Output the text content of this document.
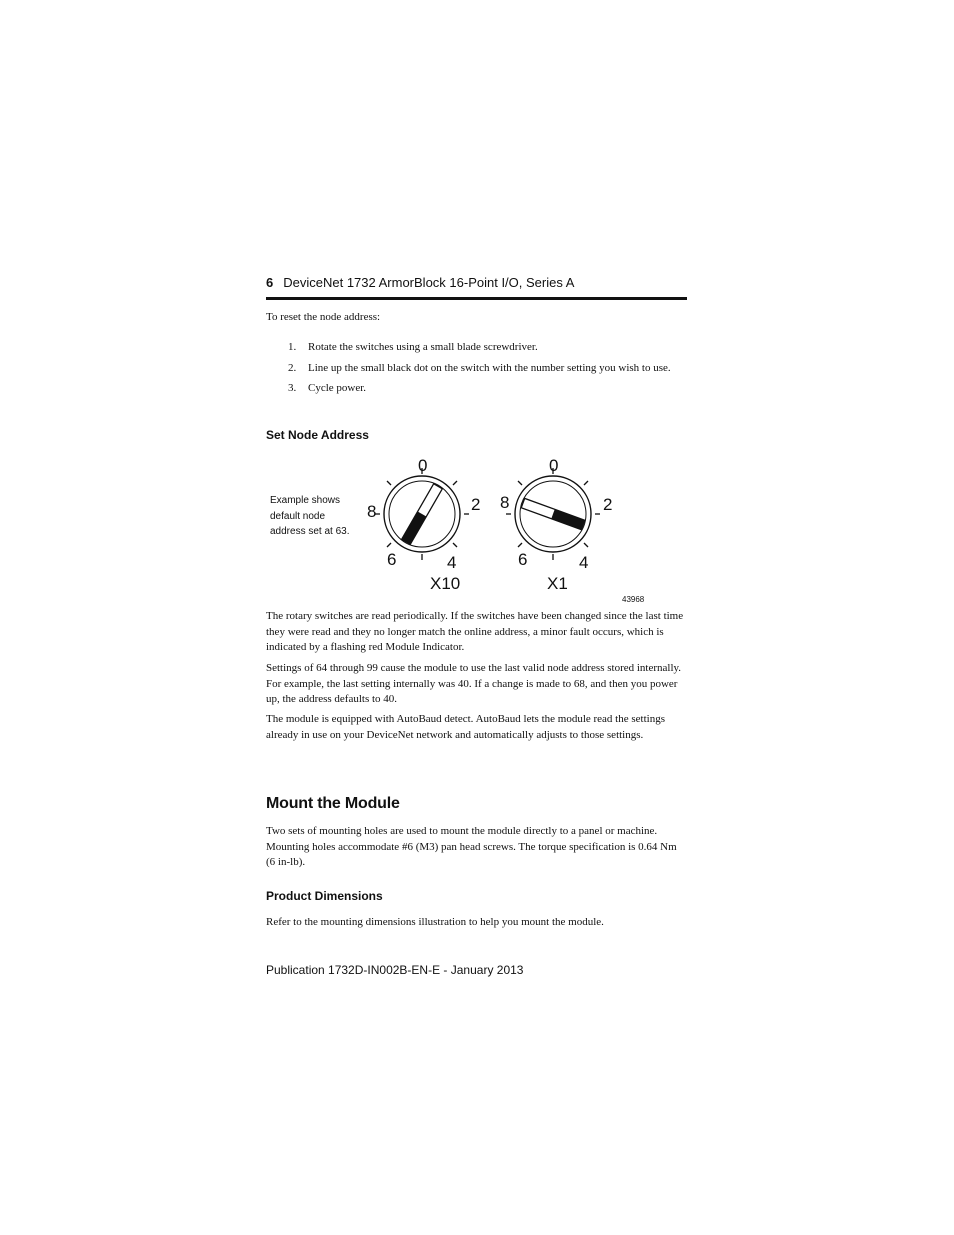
6 DeviceNet 1732 ArmorBlock 16-Point I/O, Series A
To reset the node address:
1. Rotate the switches using a small blade screwdriver.
2. Line up the small black dot on the switch with the number setting you wish to use.
3. Cycle power.
Set Node Address
Example shows
default node
address set at 63.
0
2
4
6
8
X10
0
2
4
6
8
X1
43968

The rotary switches are read periodically. If the switches have been changed since the last time they were read and they no longer match the online address, a minor fault occurs, which is indicated by a flashing red Module Indicator.

Settings of 64 through 99 cause the module to use the last valid node address stored internally. For example, the last setting internally was 40. If a change is made to 68, and then you power up, the address defaults to 40.

The module is equipped with AutoBaud detect. AutoBaud lets the module read the settings already in use on your DeviceNet network and automatically adjusts to those settings.

Mount the Module

Two sets of mounting holes are used to mount the module directly to a panel or machine. Mounting holes accommodate #6 (M3) pan head screws. The torque specification is 0.64 Nm (6 in-lb).

Product Dimensions

Refer to the mounting dimensions illustration to help you mount the module.

Publication 1732D-IN002B-EN-E - January 2013
